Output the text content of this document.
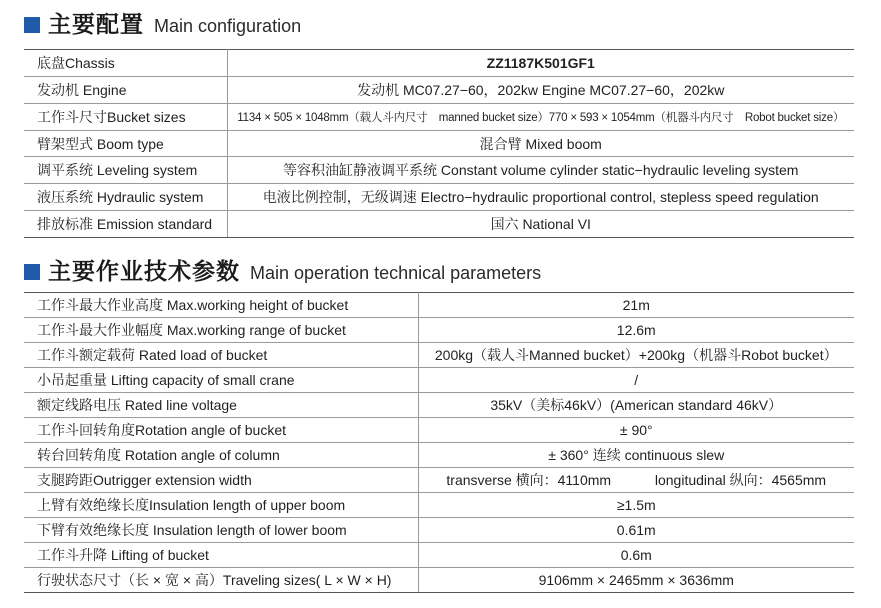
主要配置 Main configuration
底盘Chassis	ZZ1187K501GF1
发动机 Engine	发动机 MC07.27−60，202kw Engine MC07.27−60，202kw
工作斗尺寸Bucket sizes	1134 × 505 × 1048mm（载人斗内尺寸　manned bucket size）770 × 593 × 1054mm（机器斗内尺寸　Robot bucket size）
臂架型式 Boom type	混合臂 Mixed boom
调平系统 Leveling system	等容积油缸静液调平系统 Constant volume cylinder static−hydraulic leveling system
液压系统 Hydraulic system	电液比例控制，无级调速 Electro−hydraulic proportional control, stepless speed regulation
排放标准 Emission standard	国六 National VI
主要作业技术参数 Main operation technical parameters
工作斗最大作业高度 Max.working height of bucket	21m
工作斗最大作业幅度 Max.working range of bucket	12.6m
工作斗额定载荷 Rated load of bucket	200kg（载人斗Manned bucket）+200kg（机器斗Robot bucket）
小吊起重量 Lifting capacity of small crane	/
额定线路电压 Rated line voltage	35kV（美标46kV）(American standard 46kV）
工作斗回转角度Rotation angle of bucket	± 90°
转台回转角度 Rotation angle of column	± 360° 连续 continuous slew
支腿跨距Outrigger extension width	transverse 横向：4110mm longitudinal 纵向：4565mm

上臂有效绝缘长度Insulation length of upper boom	≥1.5m
下臂有效绝缘长度 Insulation length of lower boom	0.61m
工作斗升降 Lifting of bucket	0.6m
行驶状态尺寸（长 × 宽 × 高）Traveling sizes( L × W × H)	9106mm × 2465mm × 3636mm
